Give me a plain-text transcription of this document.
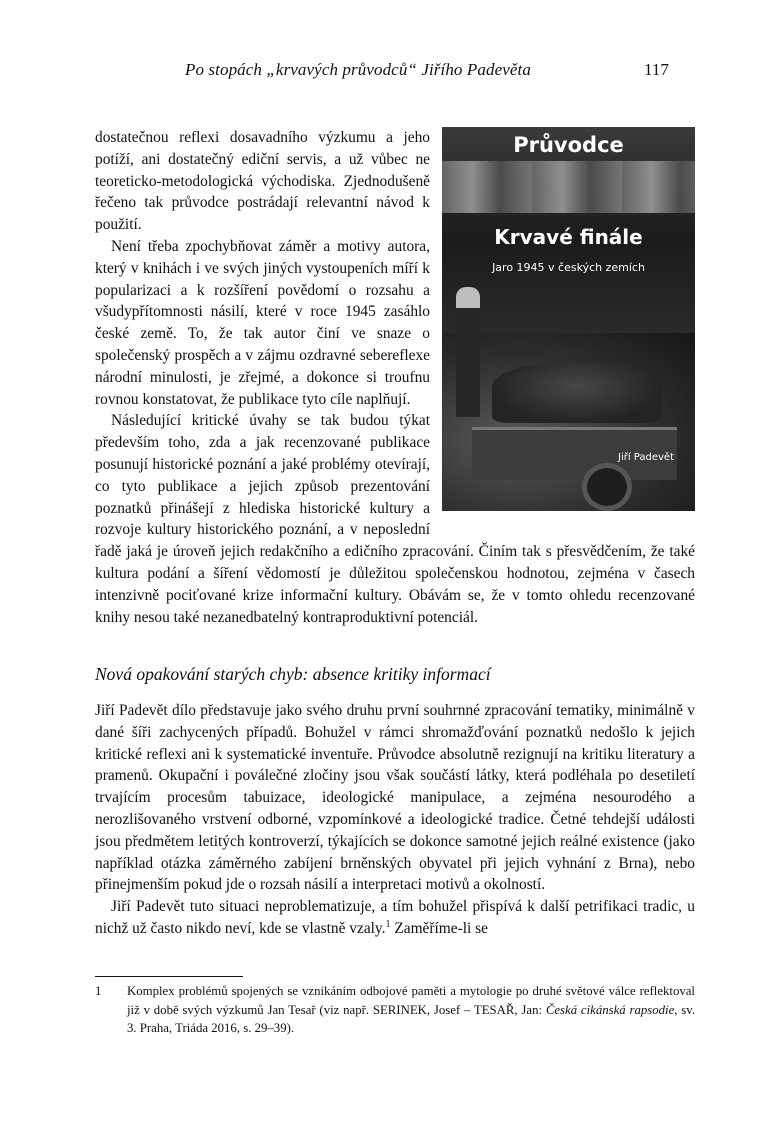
Po stopách „krvavých průvodců“ Jiřího Padevěta	117
Průvodce
Krvavé finále
Jaro 1945 v českých zemích
Jiří Padevět

dostatečnou reflexi dosavadního výzkumu a jeho potíží, ani dostatečný ediční servis, a už vůbec ne teoreticko-metodologická východiska. Zjednodušeně řečeno tak průvodce postrádají relevantní návod k použití.

Není třeba zpochybňovat záměr a motivy autora, který v knihách i ve svých jiných vystoupeních míří k popularizaci a k rozšíření povědomí o rozsahu a všudypřítomnosti násilí, které v roce 1945 zasáhlo české země. To, že tak autor činí ve snaze o společenský prospěch a v zájmu ozdravné sebereflexe národní minulosti, je zřejmé, a dokonce si troufnu rovnou konstatovat, že publikace tyto cíle naplňují.

Následující kritické úvahy se tak budou týkat především toho, zda a jak recenzované publikace posunují historické poznání a jaké problémy otevírají, co tyto publikace a jejich způsob prezentování poznatků přinášejí z hlediska historické kultury a rozvoje kultury historického poznání, a v neposlední řadě jaká je úroveň jejich redakčního a edičního zpracování. Činím tak s přesvědčením, že také kultura podání a šíření vědomostí je důležitou společenskou hodnotou, zejména v časech intenzivně pociťované krize informační kultury. Obávám se, že v tomto ohledu recenzované knihy nesou také nezanedbatelný kontraproduktivní potenciál.

Nová opakování starých chyb: absence kritiky informací

Jiří Padevět dílo představuje jako svého druhu první souhrnné zpracování tematiky, minimálně v dané šíři zachycených případů. Bohužel v rámci shromažďování poznatků nedošlo k jejich kritické reflexi ani k systematické inventuře. Průvodce absolutně rezignují na kritiku literatury a pramenů. Okupační i poválečné zločiny jsou však součástí látky, která podléhala po desetiletí trvajícím procesům tabuizace, ideologické manipulace, a zejména nesourodého a nerozlišovaného vrstvení odborné, vzpomínkové a ideologické tradice. Četné tehdejší události jsou předmětem letitých kontroverzí, týkajících se dokonce samotné jejich reálné existence (jako například otázka záměrného zabíjení brněnských obyvatel při jejich vyhnání z Brna), nebo přinejmenším pokud jde o rozsah násilí a interpretaci motivů a okolností.

Jiří Padevět tuto situaci neproblematizuje, a tím bohužel přispívá k další petrifikaci tradic, u nichž už často nikdo neví, kde se vlastně vzaly.$^1$ Zaměříme-li se

1 Komplex problémů spojených se vznikáním odbojové paměti a mytologie po druhé světové válce reflektoval již v době svých výzkumů Jan Tesař (viz např. SERINEK, Josef – TESAŘ, Jan: Česká cikánská rapsodie, sv. 3. Praha, Triáda 2016, s. 29–39).
